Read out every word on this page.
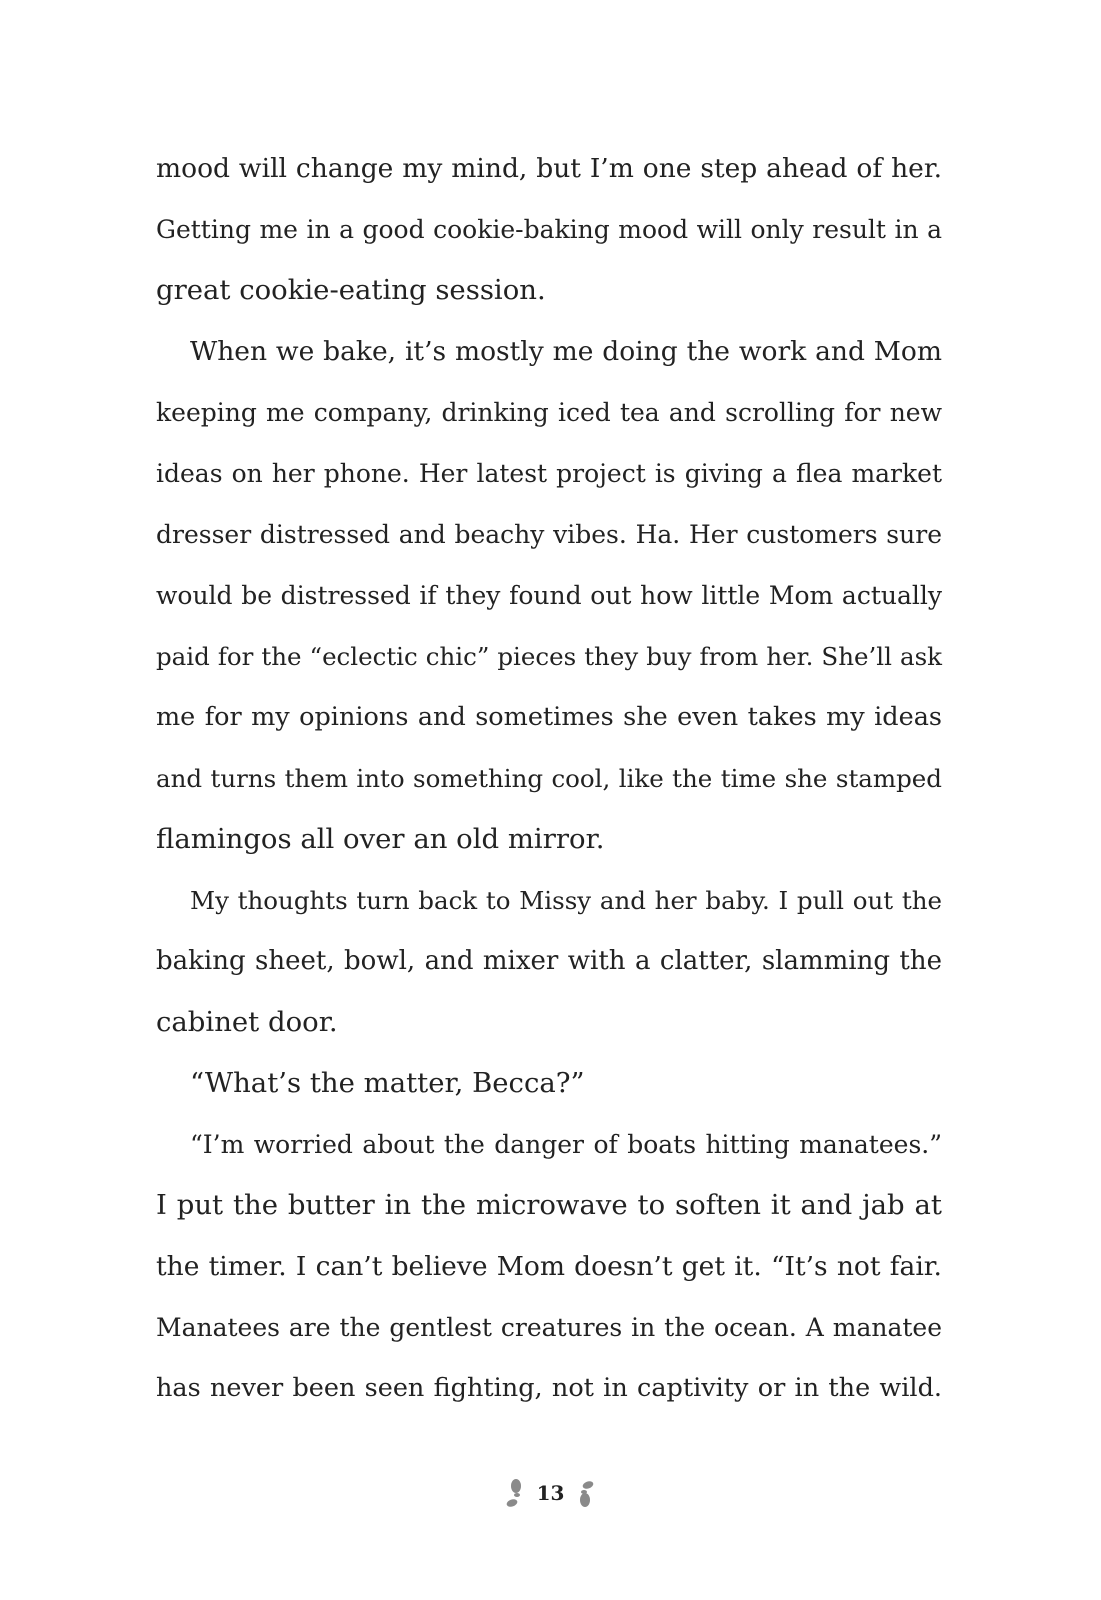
mood will change my mind, but I’m one step ahead of her.
Getting me in a good cookie-baking mood will only result in a
great cookie-eating session.
When we bake, it’s mostly me doing the work and Mom
keeping me company, drinking iced tea and scrolling for new
ideas on her phone. Her latest project is giving a flea market
dresser distressed and beachy vibes. Ha. Her customers sure
would be distressed if they found out how little Mom actually
paid for the “eclectic chic” pieces they buy from her. She’ll ask
me for my opinions and sometimes she even takes my ideas
and turns them into something cool, like the time she stamped
flamingos all over an old mirror.
My thoughts turn back to Missy and her baby. I pull out the
baking sheet, bowl, and mixer with a clatter, slamming the
cabinet door.
“What’s the matter, Becca?”
“I’m worried about the danger of boats hitting manatees.”
I put the butter in the microwave to soften it and jab at
the timer. I can’t believe Mom doesn’t get it. “It’s not fair.
Manatees are the gentlest creatures in the ocean. A manatee
has never been seen fighting, not in captivity or in the wild.
13
